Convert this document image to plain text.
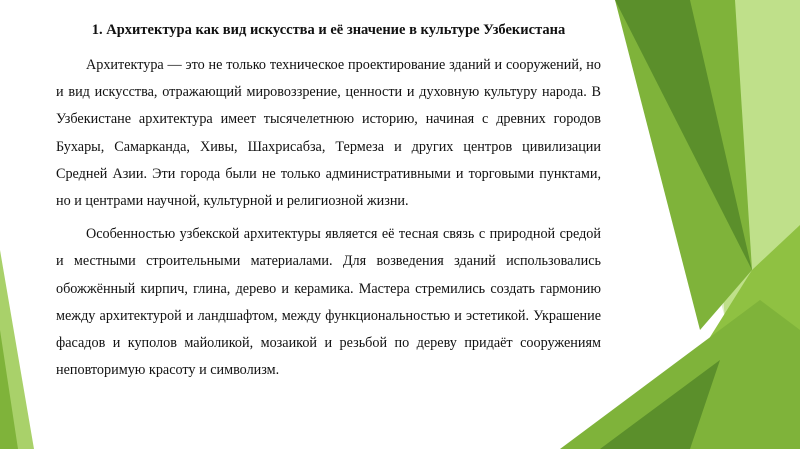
1. Архитектура как вид искусства и её значение в культуре Узбекистана

Архитектура — это не только техническое проектирование зданий и сооружений, но и вид искусства, отражающий мировоззрение, ценности и духовную культуру народа. В Узбекистане архитектура имеет тысячелетнюю историю, начиная с древних городов Бухары, Самарканда, Хивы, Шахрисабза, Термеза и других центров цивилизации Средней Азии. Эти города были не только административными и торговыми пунктами, но и центрами научной, культурной и религиозной жизни.

Особенностью узбекской архитектуры является её тесная связь с природной средой и местными строительными материалами. Для возведения зданий использовались обожжённый кирпич, глина, дерево и керамика. Мастера стремились создать гармонию между архитектурой и ландшафтом, между функциональностью и эстетикой. Украшение фасадов и куполов майоликой, мозаикой и резьбой по дереву придаёт сооружениям неповторимую красоту и символизм.
